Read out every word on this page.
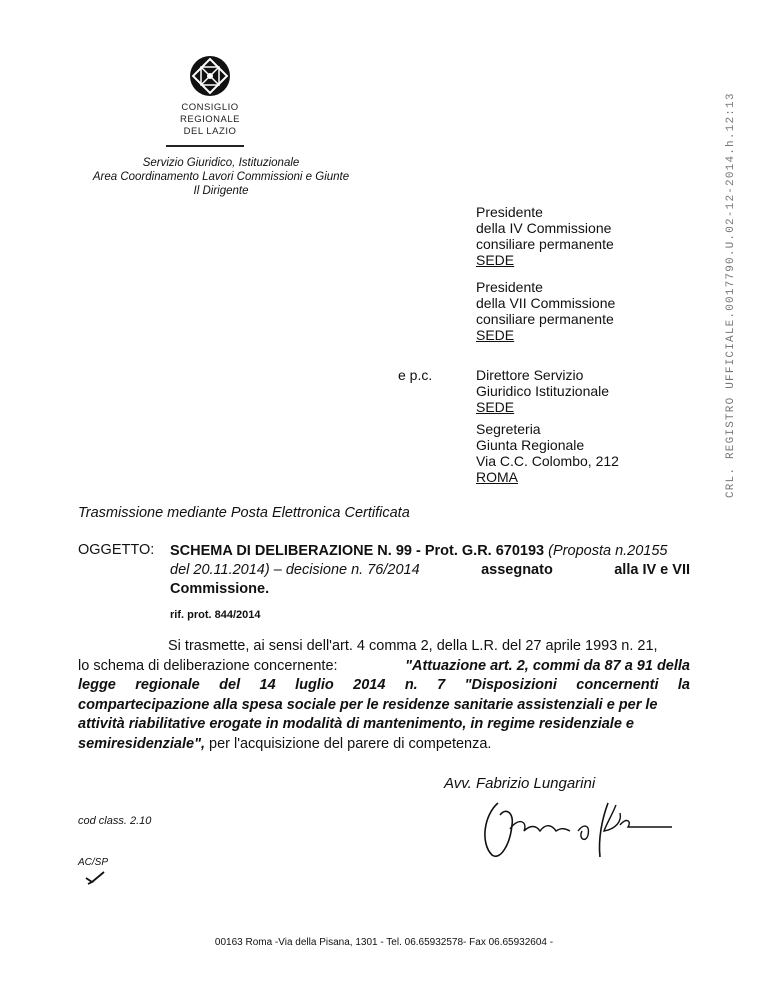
CONSIGLIO
REGIONALE
DEL LAZIO
Servizio Giuridico, Istituzionale
Area Coordinamento Lavori Commissioni e Giunte
Il Dirigente
Presidente
della IV Commissione
consiliare permanente
SEDE
Presidente
della VII Commissione
consiliare permanente
SEDE
e p.c.	Direttore Servizio
Giuridico Istituzionale
SEDE
Segreteria
Giunta Regionale
Via C.C. Colombo, 212
ROMA
Trasmissione mediante Posta Elettronica Certificata
OGGETTO: SCHEMA DI DELIBERAZIONE N. 99 - Prot. G.R. 670193 (Proposta n.20155
del 20.11.2014) – decisione n. 76/2014	assegnato	alla IV e VII
Commissione.
rif. prot. 844/2014
Si trasmette, ai sensi dell'art. 4 comma 2, della L.R. del 27 aprile 1993 n. 21,
lo schema di deliberazione concernente:	"Attuazione art. 2, commi da 87 a 91 della
legge regionale del 14 luglio 2014 n. 7 "Disposizioni concernenti la
compartecipazione alla spesa sociale per le residenze sanitarie assistenziali e per le
attività riabilitative erogate in modalità di mantenimento, in regime residenziale e
semiresidenziale", per l'acquisizione del parere di competenza.
Avv. Fabrizio Lungarini
cod class. 2.10
AC/SP
00163 Roma -Via della Pisana, 1301 - Tel. 06.65932578- Fax 06.65932604 -
CRL. REGISTRO UFFICIALE.0017790.U.02-12-2014.h.12:13
